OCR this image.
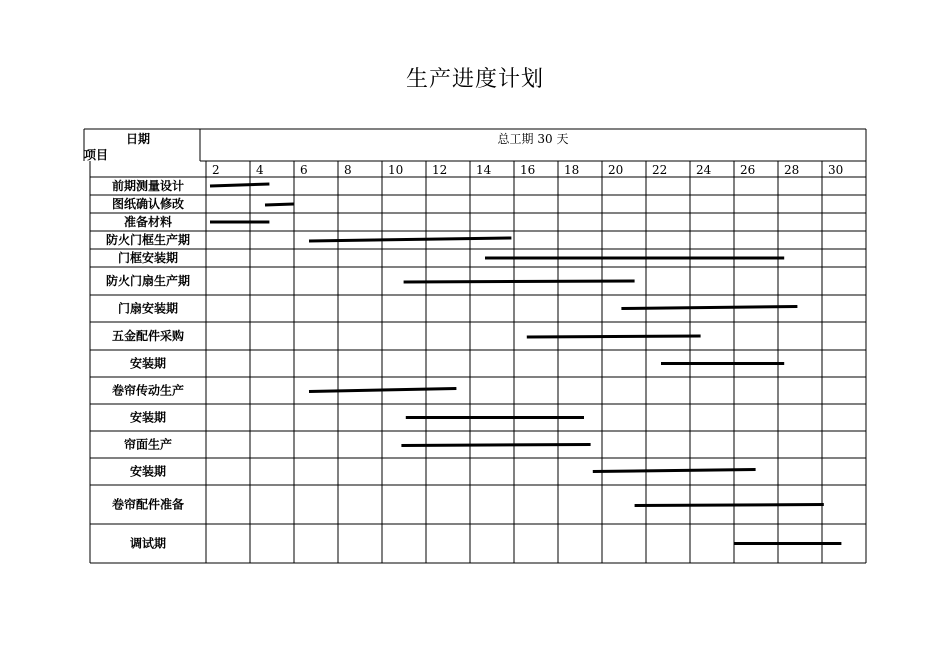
生产进度计划
日期
项目
总工期 30 天
2	4	6	8	10 12 14 16 18 20 22 24 26 28 30
前期测量设计
图纸确认修改
准备材料
防火门框生产期
门框安装期
防火门扇生产期
门扇安装期
五金配件采购
安装期
卷帘传动生产
安装期
帘面生产
安装期
卷帘配件准备
调试期
